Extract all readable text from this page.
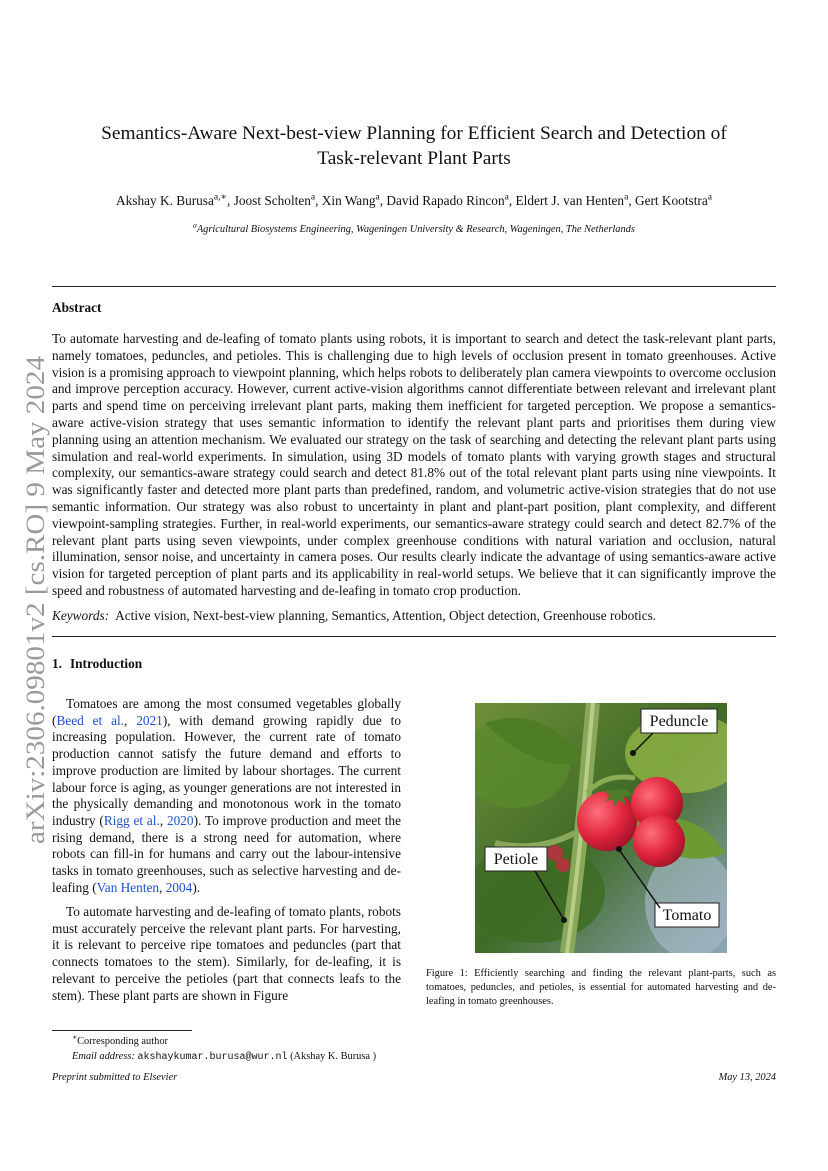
Semantics-Aware Next-best-view Planning for Efficient Search and Detection of
Task-relevant Plant Parts
Akshay K. Burusa$^{a,∗}$, Joost Scholten$^a$, Xin Wang$^a$, David Rapado Rincon$^a$, Eldert J. van Henten$^a$, Gert Kootstra$^a$
$^a$Agricultural Biosystems Engineering, Wageningen University & Research, Wageningen, The Netherlands
Abstract
To automate harvesting and de-leafing of tomato plants using robots, it is important to search and detect the task-relevant plant parts, namely tomatoes, peduncles, and petioles. This is challenging due to high levels of occlusion present in tomato greenhouses. Active vision is a promising approach to viewpoint planning, which helps robots to deliberately plan camera viewpoints to overcome occlusion and improve perception accuracy. However, current active-vision algorithms cannot differentiate between relevant and irrelevant plant parts and spend time on perceiving irrelevant plant parts, making them inefficient for targeted perception. We propose a semantics-aware active-vision strategy that uses semantic information to identify the relevant plant parts and prioritises them during view planning using an attention mechanism. We evaluated our strategy on the task of searching and detecting the relevant plant parts using simulation and real-world experiments. In simulation, using 3D models of tomato plants with varying growth stages and structural complexity, our semantics-aware strategy could search and detect 81.8% out of the total relevant plant parts using nine viewpoints. It was significantly faster and detected more plant parts than predefined, random, and volumetric active-vision strategies that do not use semantic information. Our strategy was also robust to uncertainty in plant and plant-part position, plant complexity, and different viewpoint-sampling strategies. Further, in real-world experiments, our semantics-aware strategy could search and detect 82.7% of the relevant plant parts using seven viewpoints, under complex greenhouse conditions with natural variation and occlusion, natural illumination, sensor noise, and uncertainty in camera poses. Our results clearly indicate the advantage of using semantics-aware active vision for targeted perception of plant parts and its applicability in real-world setups. We believe that it can significantly improve the speed and robustness of automated harvesting and de-leafing in tomato crop production.
Keywords: Active vision, Next-best-view planning, Semantics, Attention, Object detection, Greenhouse robotics.
1. Introduction

Tomatoes are among the most consumed vegetables globally (Beed et al., 2021), with demand growing rapidly due to increasing population. However, the current rate of tomato production cannot satisfy the future demand and efforts to improve production are limited by labour shortages. The current labour force is aging, as younger generations are not interested in the physically demanding and monotonous work in the tomato industry (Rigg et al., 2020). To improve production and meet the rising demand, there is a strong need for automation, where robots can fill-in for humans and carry out the labour-intensive tasks in tomato greenhouses, such as selective harvesting and de-leafing (Van Henten, 2004).

To automate harvesting and de-leafing of tomato plants, robots must accurately perceive the relevant plant parts. For harvesting, it is relevant to perceive ripe tomatoes and peduncles (part that connects tomatoes to the stem). Similarly, for de-leafing, it is relevant to perceive the petioles (part that connects leafs to the stem). These plant parts are shown in Figure

Peduncle
Petiole
Tomato
Figure 1: Efficiently searching and finding the relevant plant-parts, such as tomatoes, peduncles, and petioles, is essential for automated harvesting and de-leafing in tomato greenhouses.
∗Corresponding author
Email address: akshaykumar.burusa@wur.nl (Akshay K. Burusa )
Preprint submitted to Elsevier	May 13, 2024
arXiv:2306.09801v2 [cs.RO] 9 May 2024
